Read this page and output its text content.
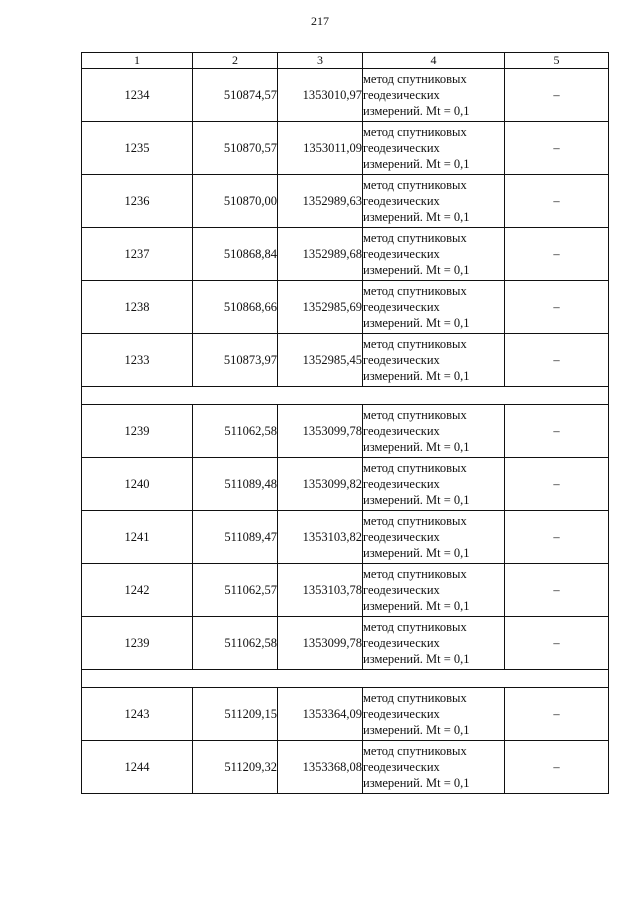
217
1	2	3	4	5
1234	510874,57	1353010,97	метод спутниковых
геодезических
измерений. Mt = 0,1	–
1235	510870,57	1353011,09	метод спутниковых
геодезических
измерений. Mt = 0,1	–
1236	510870,00	1352989,63	метод спутниковых
геодезических
измерений. Mt = 0,1	–
1237	510868,84	1352989,68	метод спутниковых
геодезических
измерений. Mt = 0,1	–
1238	510868,66	1352985,69	метод спутниковых
геодезических
измерений. Mt = 0,1	–
1233	510873,97	1352985,45	метод спутниковых
геодезических
измерений. Mt = 0,1	–

1239	511062,58	1353099,78	метод спутниковых
геодезических
измерений. Mt = 0,1	–
1240	511089,48	1353099,82	метод спутниковых
геодезических
измерений. Mt = 0,1	–
1241	511089,47	1353103,82	метод спутниковых
геодезических
измерений. Mt = 0,1	–
1242	511062,57	1353103,78	метод спутниковых
геодезических
измерений. Mt = 0,1	–
1239	511062,58	1353099,78	метод спутниковых
геодезических
измерений. Mt = 0,1	–

1243	511209,15	1353364,09	метод спутниковых
геодезических
измерений. Mt = 0,1	–
1244	511209,32	1353368,08	метод спутниковых
геодезических
измерений. Mt = 0,1	–
